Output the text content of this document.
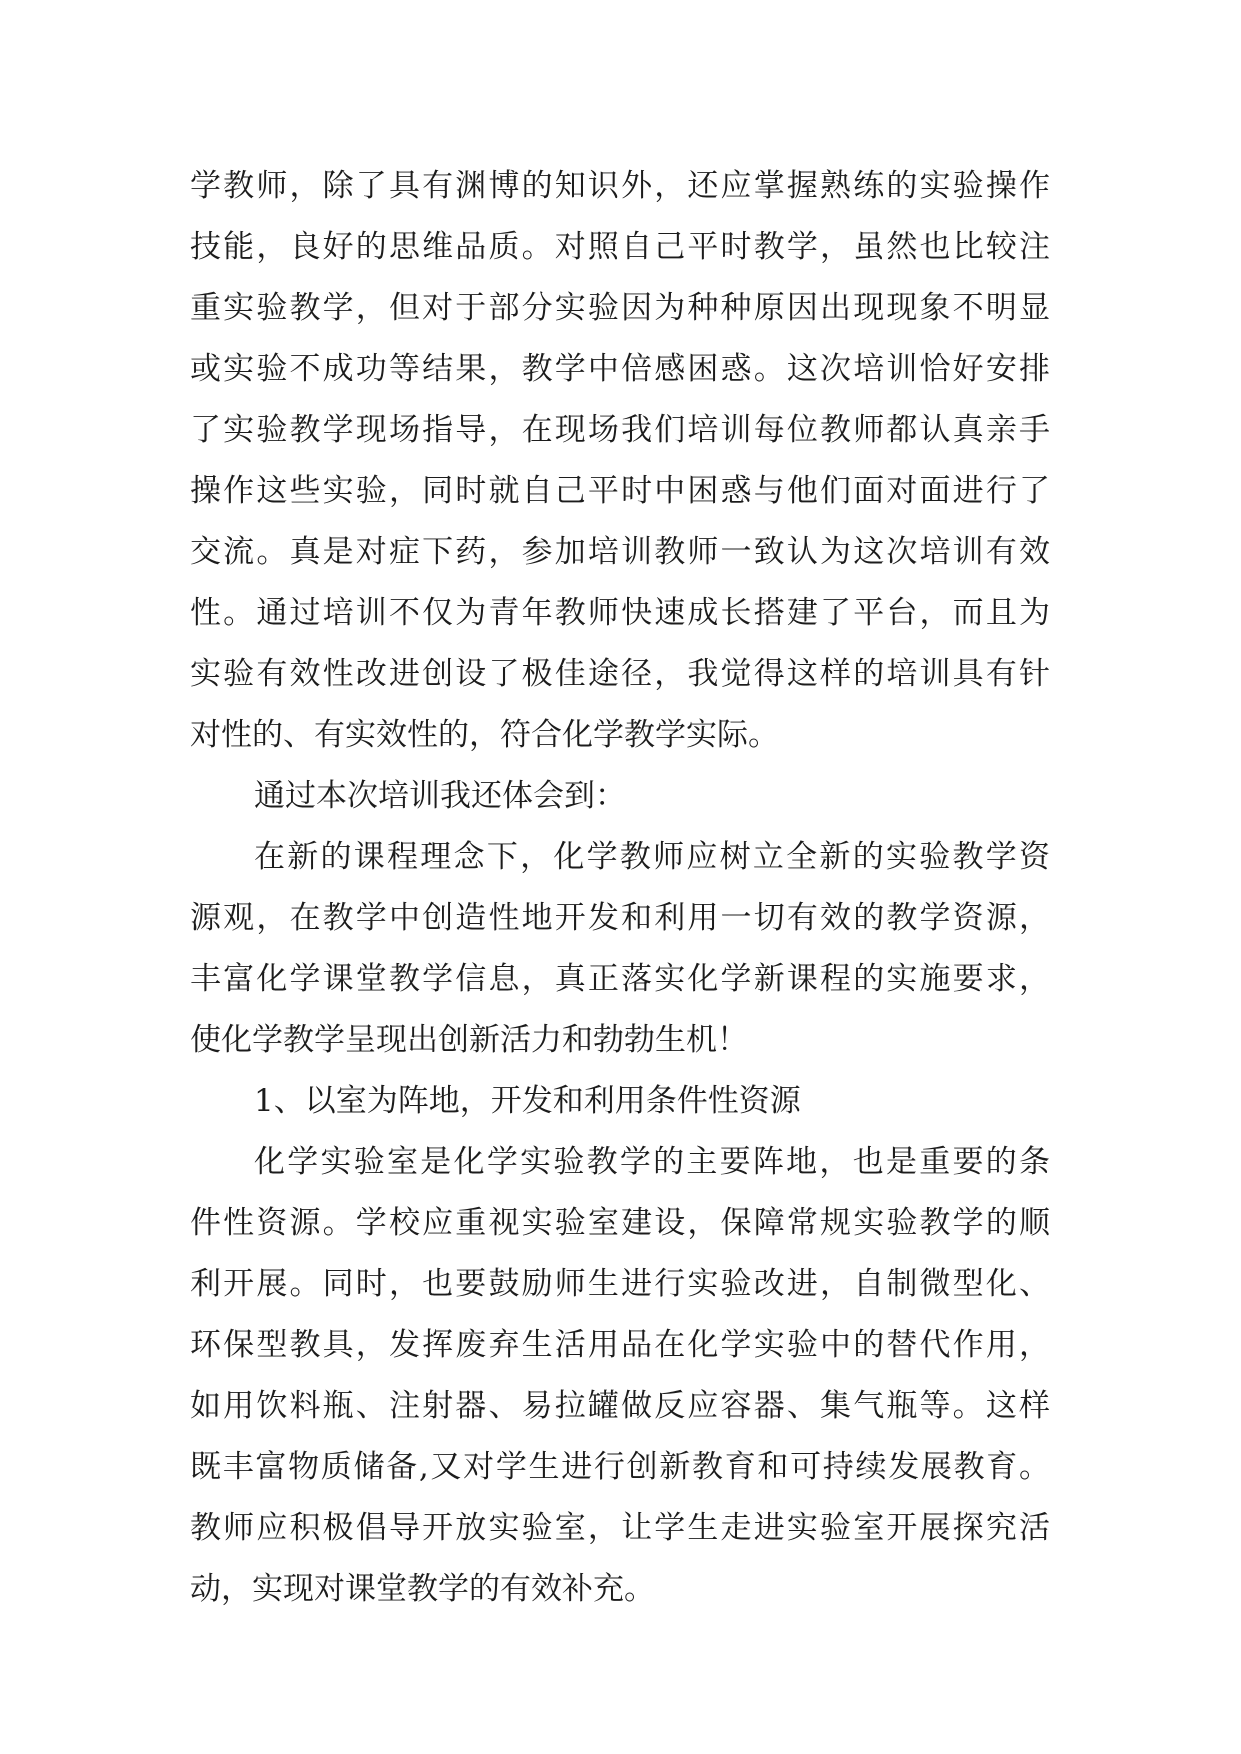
学教师，除了具有渊博的知识外，还应掌握熟练的实验操作
技能，良好的思维品质。对照自己平时教学，虽然也比较注
重实验教学，但对于部分实验因为种种原因出现现象不明显
或实验不成功等结果，教学中倍感困惑。这次培训恰好安排
了实验教学现场指导，在现场我们培训每位教师都认真亲手
操作这些实验，同时就自己平时中困惑与他们面对面进行了
交流。真是对症下药，参加培训教师一致认为这次培训有效
性。通过培训不仅为青年教师快速成长搭建了平台，而且为
实验有效性改进创设了极佳途径，我觉得这样的培训具有针
对性的、有实效性的，符合化学教学实际。
通过本次培训我还体会到：
在新的课程理念下，化学教师应树立全新的实验教学资
源观，在教学中创造性地开发和利用一切有效的教学资源，
丰富化学课堂教学信息，真正落实化学新课程的实施要求，
使化学教学呈现出创新活力和勃勃生机！
1、以室为阵地，开发和利用条件性资源
化学实验室是化学实验教学的主要阵地，也是重要的条
件性资源。学校应重视实验室建设，保障常规实验教学的顺
利开展。同时，也要鼓励师生进行实验改进，自制微型化、
环保型教具，发挥废弃生活用品在化学实验中的替代作用，
如用饮料瓶、注射器、易拉罐做反应容器、集气瓶等。这样
既丰富物质储备,又对学生进行创新教育和可持续发展教育。
教师应积极倡导开放实验室，让学生走进实验室开展探究活
动，实现对课堂教学的有效补充。
